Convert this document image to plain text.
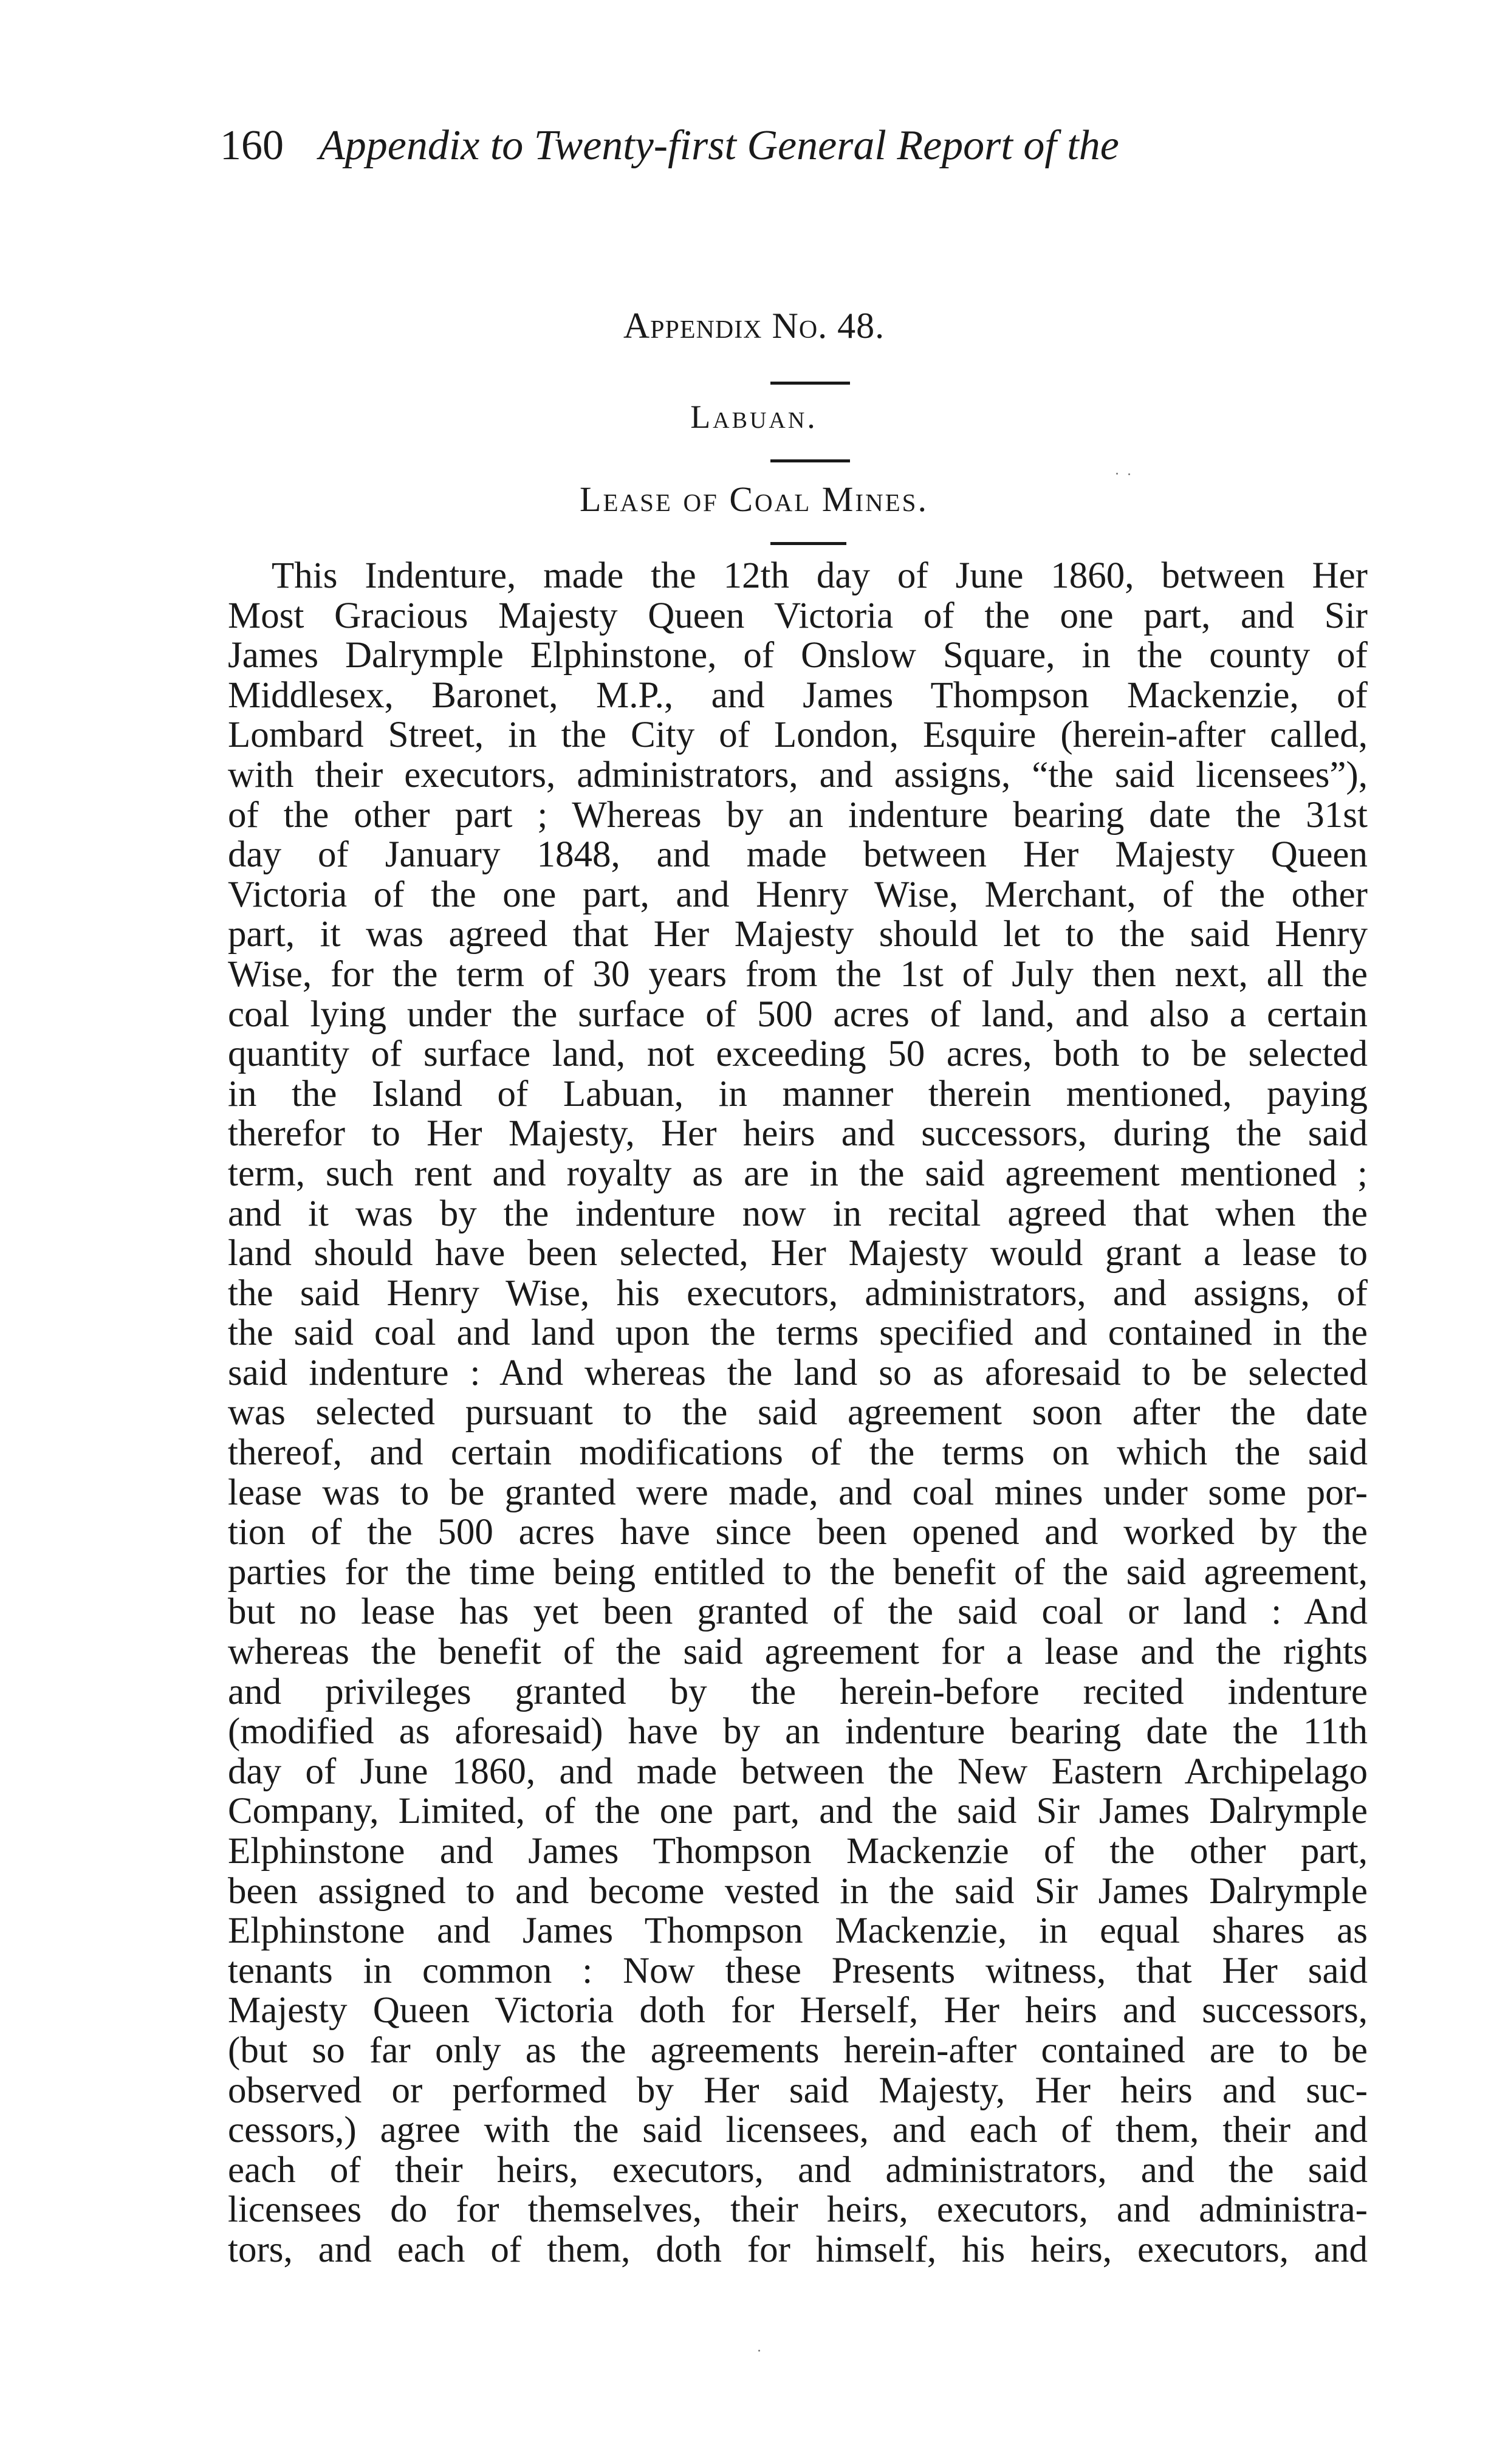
160 Appendix to Twenty-first General Report of the
Appendix No. 48.
Labuan.
Lease of Coal Mines.
This Indenture, made the 12th day of June 1860, between Her
Most Gracious Majesty Queen Victoria of the one part, and Sir
James Dalrymple Elphinstone, of Onslow Square, in the county of
Middlesex, Baronet, M.P., and James Thompson Mackenzie, of
Lombard Street, in the City of London, Esquire (herein-after called,
with their executors, administrators, and assigns, “the said licensees”),
of the other part ; Whereas by an indenture bearing date the 31st
day of January 1848, and made between Her Majesty Queen
Victoria of the one part, and Henry Wise, Merchant, of the other
part, it was agreed that Her Majesty should let to the said Henry
Wise, for the term of 30 years from the 1st of July then next, all the
coal lying under the surface of 500 acres of land, and also a certain
quantity of surface land, not exceeding 50 acres, both to be selected
in the Island of Labuan, in manner therein mentioned, paying
therefor to Her Majesty, Her heirs and successors, during the said
term, such rent and royalty as are in the said agreement mentioned ;
and it was by the indenture now in recital agreed that when the
land should have been selected, Her Majesty would grant a lease to
the said Henry Wise, his executors, administrators, and assigns, of
the said coal and land upon the terms specified and contained in the
said indenture : And whereas the land so as aforesaid to be selected
was selected pursuant to the said agreement soon after the date
thereof, and certain modifications of the terms on which the said
lease was to be granted were made, and coal mines under some por-
tion of the 500 acres have since been opened and worked by the
parties for the time being entitled to the benefit of the said agreement,
but no lease has yet been granted of the said coal or land : And
whereas the benefit of the said agreement for a lease and the rights
and privileges granted by the herein-before recited indenture
(modified as aforesaid) have by an indenture bearing date the 11th
day of June 1860, and made between the New Eastern Archipelago
Company, Limited, of the one part, and the said Sir James Dalrymple
Elphinstone and James Thompson Mackenzie of the other part,
been assigned to and become vested in the said Sir James Dalrymple
Elphinstone and James Thompson Mackenzie, in equal shares as
tenants in common : Now these Presents witness, that Her said
Majesty Queen Victoria doth for Herself, Her heirs and successors,
(but so far only as the agreements herein-after contained are to be
observed or performed by Her said Majesty, Her heirs and suc-
cessors,) agree with the said licensees, and each of them, their and
each of their heirs, executors, and administrators, and the said
licensees do for themselves, their heirs, executors, and administra-
tors, and each of them, doth for himself, his heirs, executors, and
